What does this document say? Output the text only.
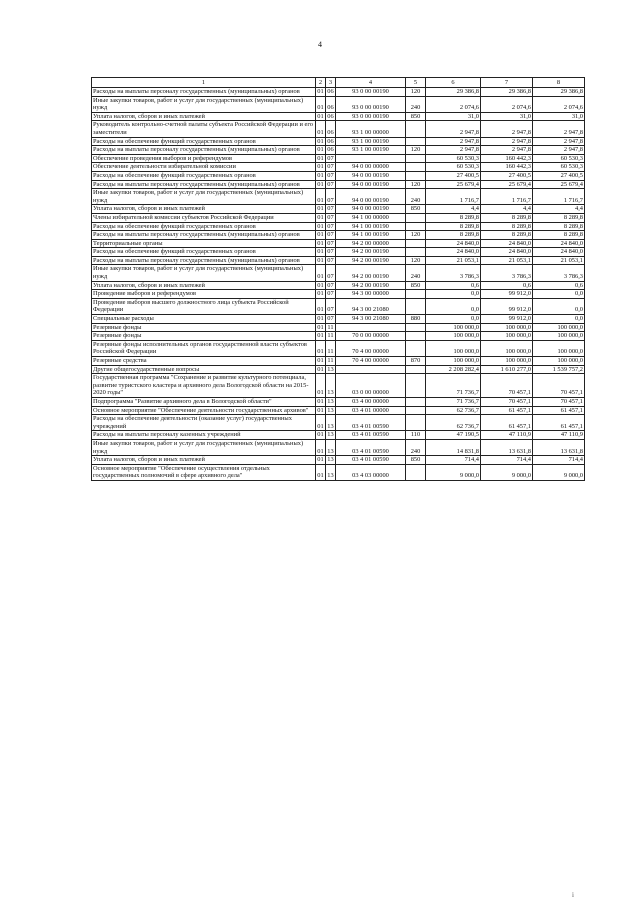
4
1	2	3	4	5	6	7	8
Расходы на выплаты персоналу государственных (муниципальных) органов	01	06	93 0 00 00190	120	29 386,8	29 386,8	29 386,8
Иные закупки товаров, работ и услуг для государственных (муниципальных) нужд	01	06	93 0 00 00190	240	2 074,6	2 074,6	2 074,6
Уплата налогов, сборов и иных платежей	01	06	93 0 00 00190	850	31,0	31,0	31,0
Руководитель контрольно-счетной палаты субъекта Российской Федерации и его заместители	01	06	93 1 00 00000		2 947,8	2 947,8	2 947,8
Расходы на обеспечение функций государственных органов	01	06	93 1 00 00190		2 947,8	2 947,8	2 947,8
Расходы на выплаты персоналу государственных (муниципальных) органов	01	06	93 1 00 00190	120	2 947,8	2 947,8	2 947,8
Обеспечение проведения выборов и референдумов	01	07			60 530,3	160 442,3	60 530,3
Обеспечение деятельности избирательной комиссии	01	07	94 0 00 00000		60 530,3	160 442,3	60 530,3
Расходы на обеспечение функций государственных органов	01	07	94 0 00 00190		27 400,5	27 400,5	27 400,5
Расходы на выплаты персоналу государственных (муниципальных) органов	01	07	94 0 00 00190	120	25 679,4	25 679,4	25 679,4
Иные закупки товаров, работ и услуг для государственных (муниципальных) нужд	01	07	94 0 00 00190	240	1 716,7	1 716,7	1 716,7
Уплата налогов, сборов и иных платежей	01	07	94 0 00 00190	850	4,4	4,4	4,4
Члены избирательной комиссии субъектов Российской Федерации	01	07	94 1 00 00000		8 289,8	8 289,8	8 289,8
Расходы на обеспечение функций государственных органов	01	07	94 1 00 00190		8 289,8	8 289,8	8 289,8
Расходы на выплаты персоналу государственных (муниципальных) органов	01	07	94 1 00 00190	120	8 289,8	8 289,8	8 289,8
Территориальные органы	01	07	94 2 00 00000		24 840,0	24 840,0	24 840,0
Расходы на обеспечение функций государственных органов	01	07	94 2 00 00190		24 840,0	24 840,0	24 840,0
Расходы на выплаты персоналу государственных (муниципальных) органов	01	07	94 2 00 00190	120	21 053,1	21 053,1	21 053,1
Иные закупки товаров, работ и услуг для государственных (муниципальных) нужд	01	07	94 2 00 00190	240	3 786,3	3 786,3	3 786,3
Уплата налогов, сборов и иных платежей	01	07	94 2 00 00190	850	0,6	0,6	0,6
Проведение выборов и референдумов	01	07	94 3 00 00000		0,0	99 912,0	0,0
Проведение выборов высшего должностного лица субъекта Российской Федерации	01	07	94 3 00 21080		0,0	99 912,0	0,0
Специальные расходы	01	07	94 3 00 21080	880	0,0	99 912,0	0,0
Резервные фонды	01	11			100 000,0	100 000,0	100 000,0
Резервные фонды	01	11	70 0 00 00000		100 000,0	100 000,0	100 000,0
Резервные фонды исполнительных органов государственной власти субъектов Российской Федерации	01	11	70 4 00 00000		100 000,0	100 000,0	100 000,0
Резервные средства	01	11	70 4 00 00000	870	100 000,0	100 000,0	100 000,0
Другие общегосударственные вопросы	01	13			2 208 282,4	1 610 277,0	1 539 757,2
Государственная программа "Сохранение и развитие культурного потенциала, развитие туристского кластера и архивного дела Вологодской области на 2015-2020 годы"	01	13	03 0 00 00000		71 736,7	70 457,1	70 457,1
Подпрограмма "Развитие архивного дела в Вологодской области"	01	13	03 4 00 00000		71 736,7	70 457,1	70 457,1
Основное мероприятие "Обеспечение деятельности государственных архивов"	01	13	03 4 01 00000		62 736,7	61 457,1	61 457,1
Расходы на обеспечение деятельности (оказание услуг) государственных учреждений	01	13	03 4 01 00590		62 736,7	61 457,1	61 457,1
Расходы на выплаты персоналу казенных учреждений	01	13	03 4 01 00590	110	47 190,5	47 110,9	47 110,9
Иные закупки товаров, работ и услуг для государственных (муниципальных) нужд	01	13	03 4 01 00590	240	14 831,8	13 631,8	13 631,8
Уплата налогов, сборов и иных платежей	01	13	03 4 01 00590	850	714,4	714,4	714,4
Основное мероприятие "Обеспечение осуществления отдельных государственных полномочий в сфере архивного дела"	01	13	03 4 03 00000		9 000,0	9 000,0	9 000,0
i
